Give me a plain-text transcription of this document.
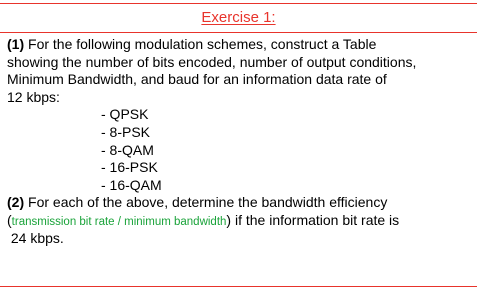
Exercise 1:
(1) For the following modulation schemes, construct a Table
showing the number of bits encoded, number of output conditions,
Minimum Bandwidth, and baud for an information data rate of
12 kbps:
- QPSK
- 8-PSK
- 8-QAM
- 16-PSK
- 16-QAM
(2) For each of the above, determine the bandwidth efficiency
(transmission bit rate / minimum bandwidth) if the information bit rate is
24 kbps.
